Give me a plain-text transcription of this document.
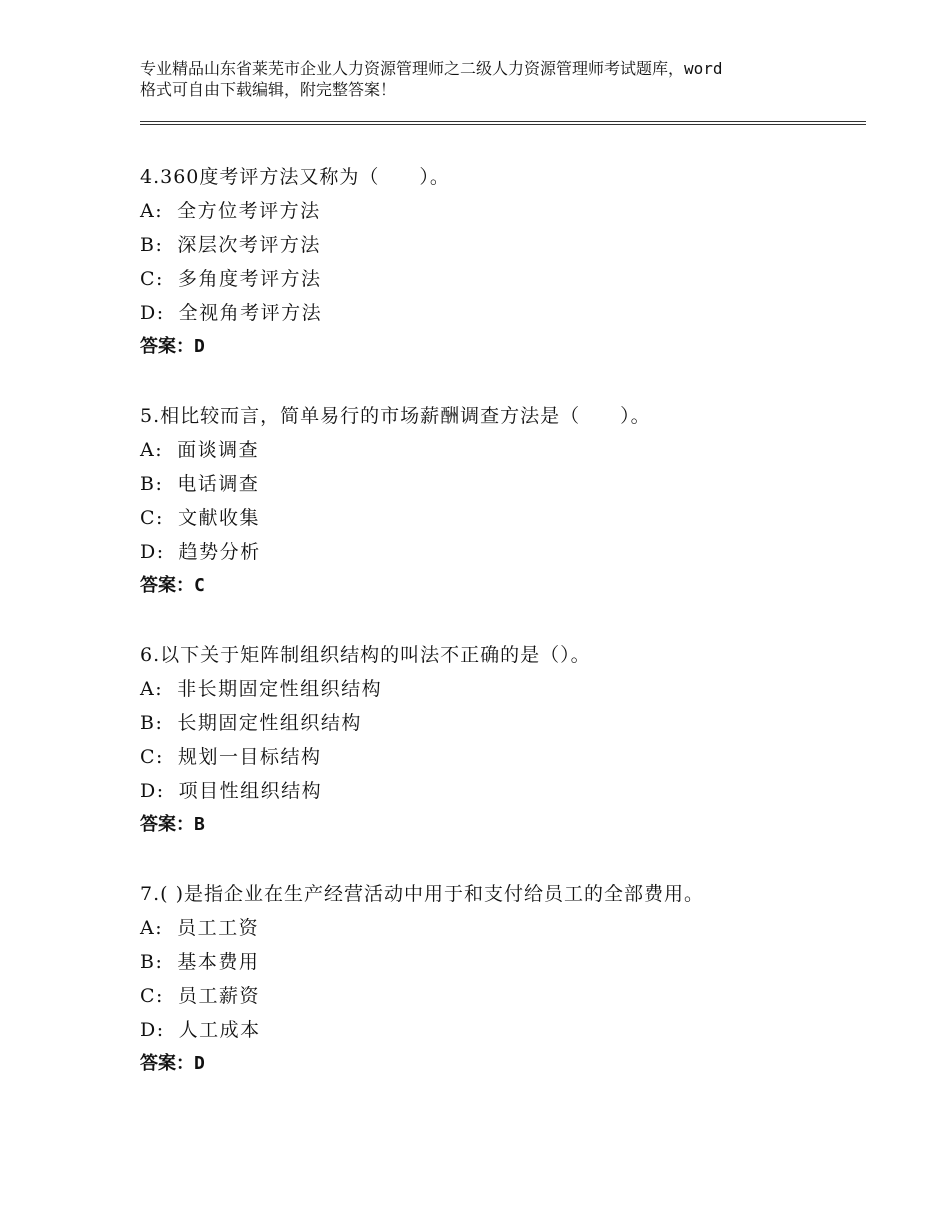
专业精品山东省莱芜市企业人力资源管理师之二级人力资源管理师考试题库，word
格式可自由下载编辑，附完整答案！
4.360度考评方法又称为（　　）。
A: 全方位考评方法
B: 深层次考评方法
C: 多角度考评方法
D: 全视角考评方法
答案：D
5.相比较而言，简单易行的市场薪酬调查方法是（　　）。
A: 面谈调查
B: 电话调查
C: 文献收集
D: 趋势分析
答案：C
6.以下关于矩阵制组织结构的叫法不正确的是（）。
A: 非长期固定性组织结构
B: 长期固定性组织结构
C: 规划一目标结构
D: 项目性组织结构
答案：B
7.( )是指企业在生产经营活动中用于和支付给员工的全部费用。
A: 员工工资
B: 基本费用
C: 员工薪资
D: 人工成本
答案：D
